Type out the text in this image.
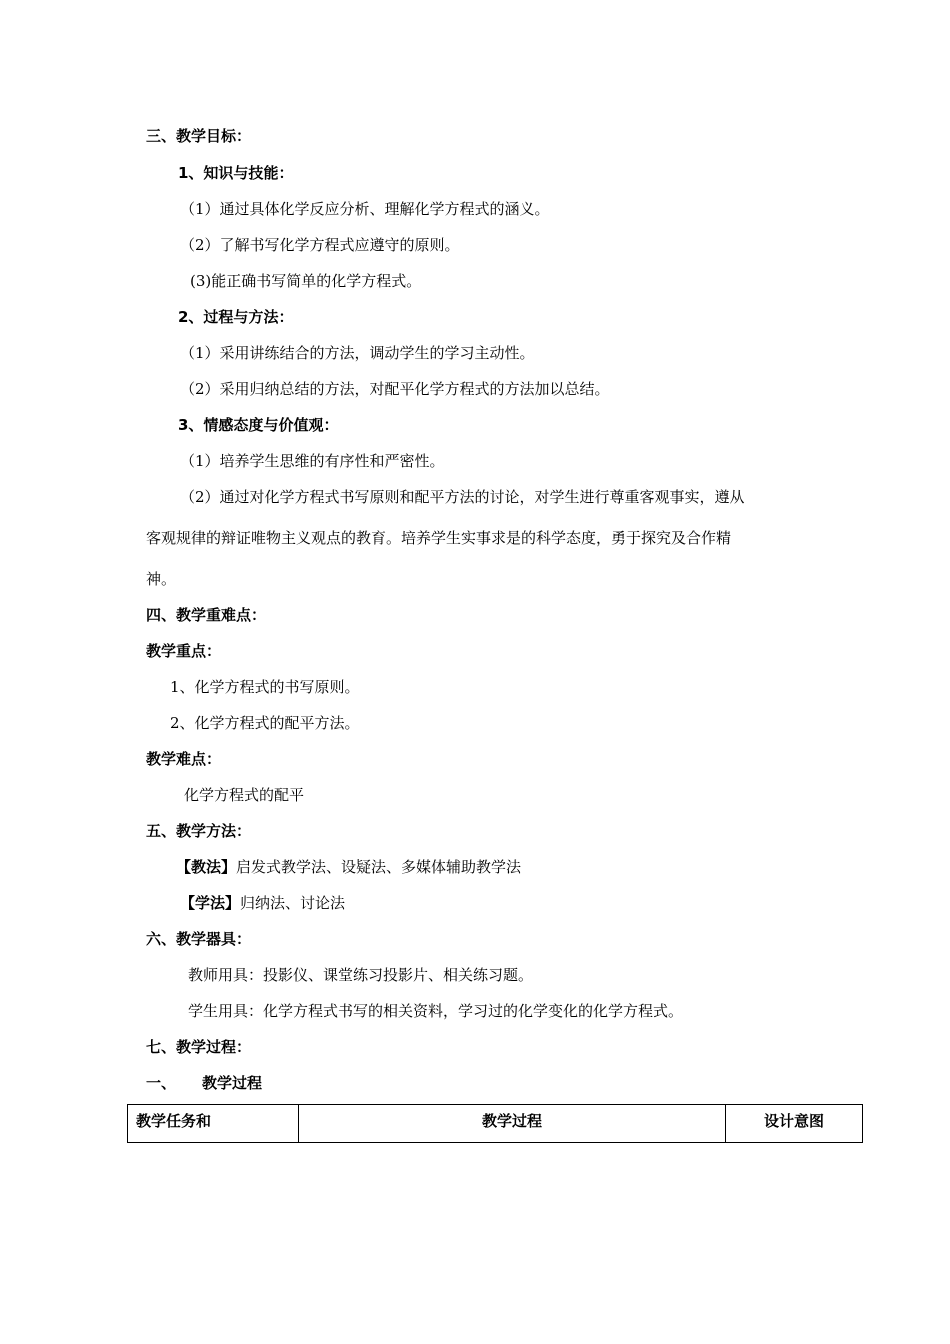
三、教学目标：
1、知识与技能：
（1）通过具体化学反应分析、理解化学方程式的涵义。
（2）了解书写化学方程式应遵守的原则。
(3)能正确书写简单的化学方程式。
2、过程与方法：
（1）采用讲练结合的方法，调动学生的学习主动性。
（2）采用归纳总结的方法，对配平化学方程式的方法加以总结。
3、情感态度与价值观：
（1）培养学生思维的有序性和严密性。
（2）通过对化学方程式书写原则和配平方法的讨论，对学生进行尊重客观事实，遵从
客观规律的辩证唯物主义观点的教育。培养学生实事求是的科学态度，勇于探究及合作精
神。
四、教学重难点：
教学重点：
1、化学方程式的书写原则。
2、化学方程式的配平方法。
教学难点：
化学方程式的配平
五、教学方法：
【教法】启发式教学法、设疑法、多媒体辅助教学法
【学法】归纳法、讨论法
六、教学器具：
教师用具：投影仪、课堂练习投影片、相关练习题。
学生用具：化学方程式书写的相关资料，学习过的化学变化的化学方程式。
七、教学过程：
一、 教学过程
教学任务和	教学过程	设计意图
